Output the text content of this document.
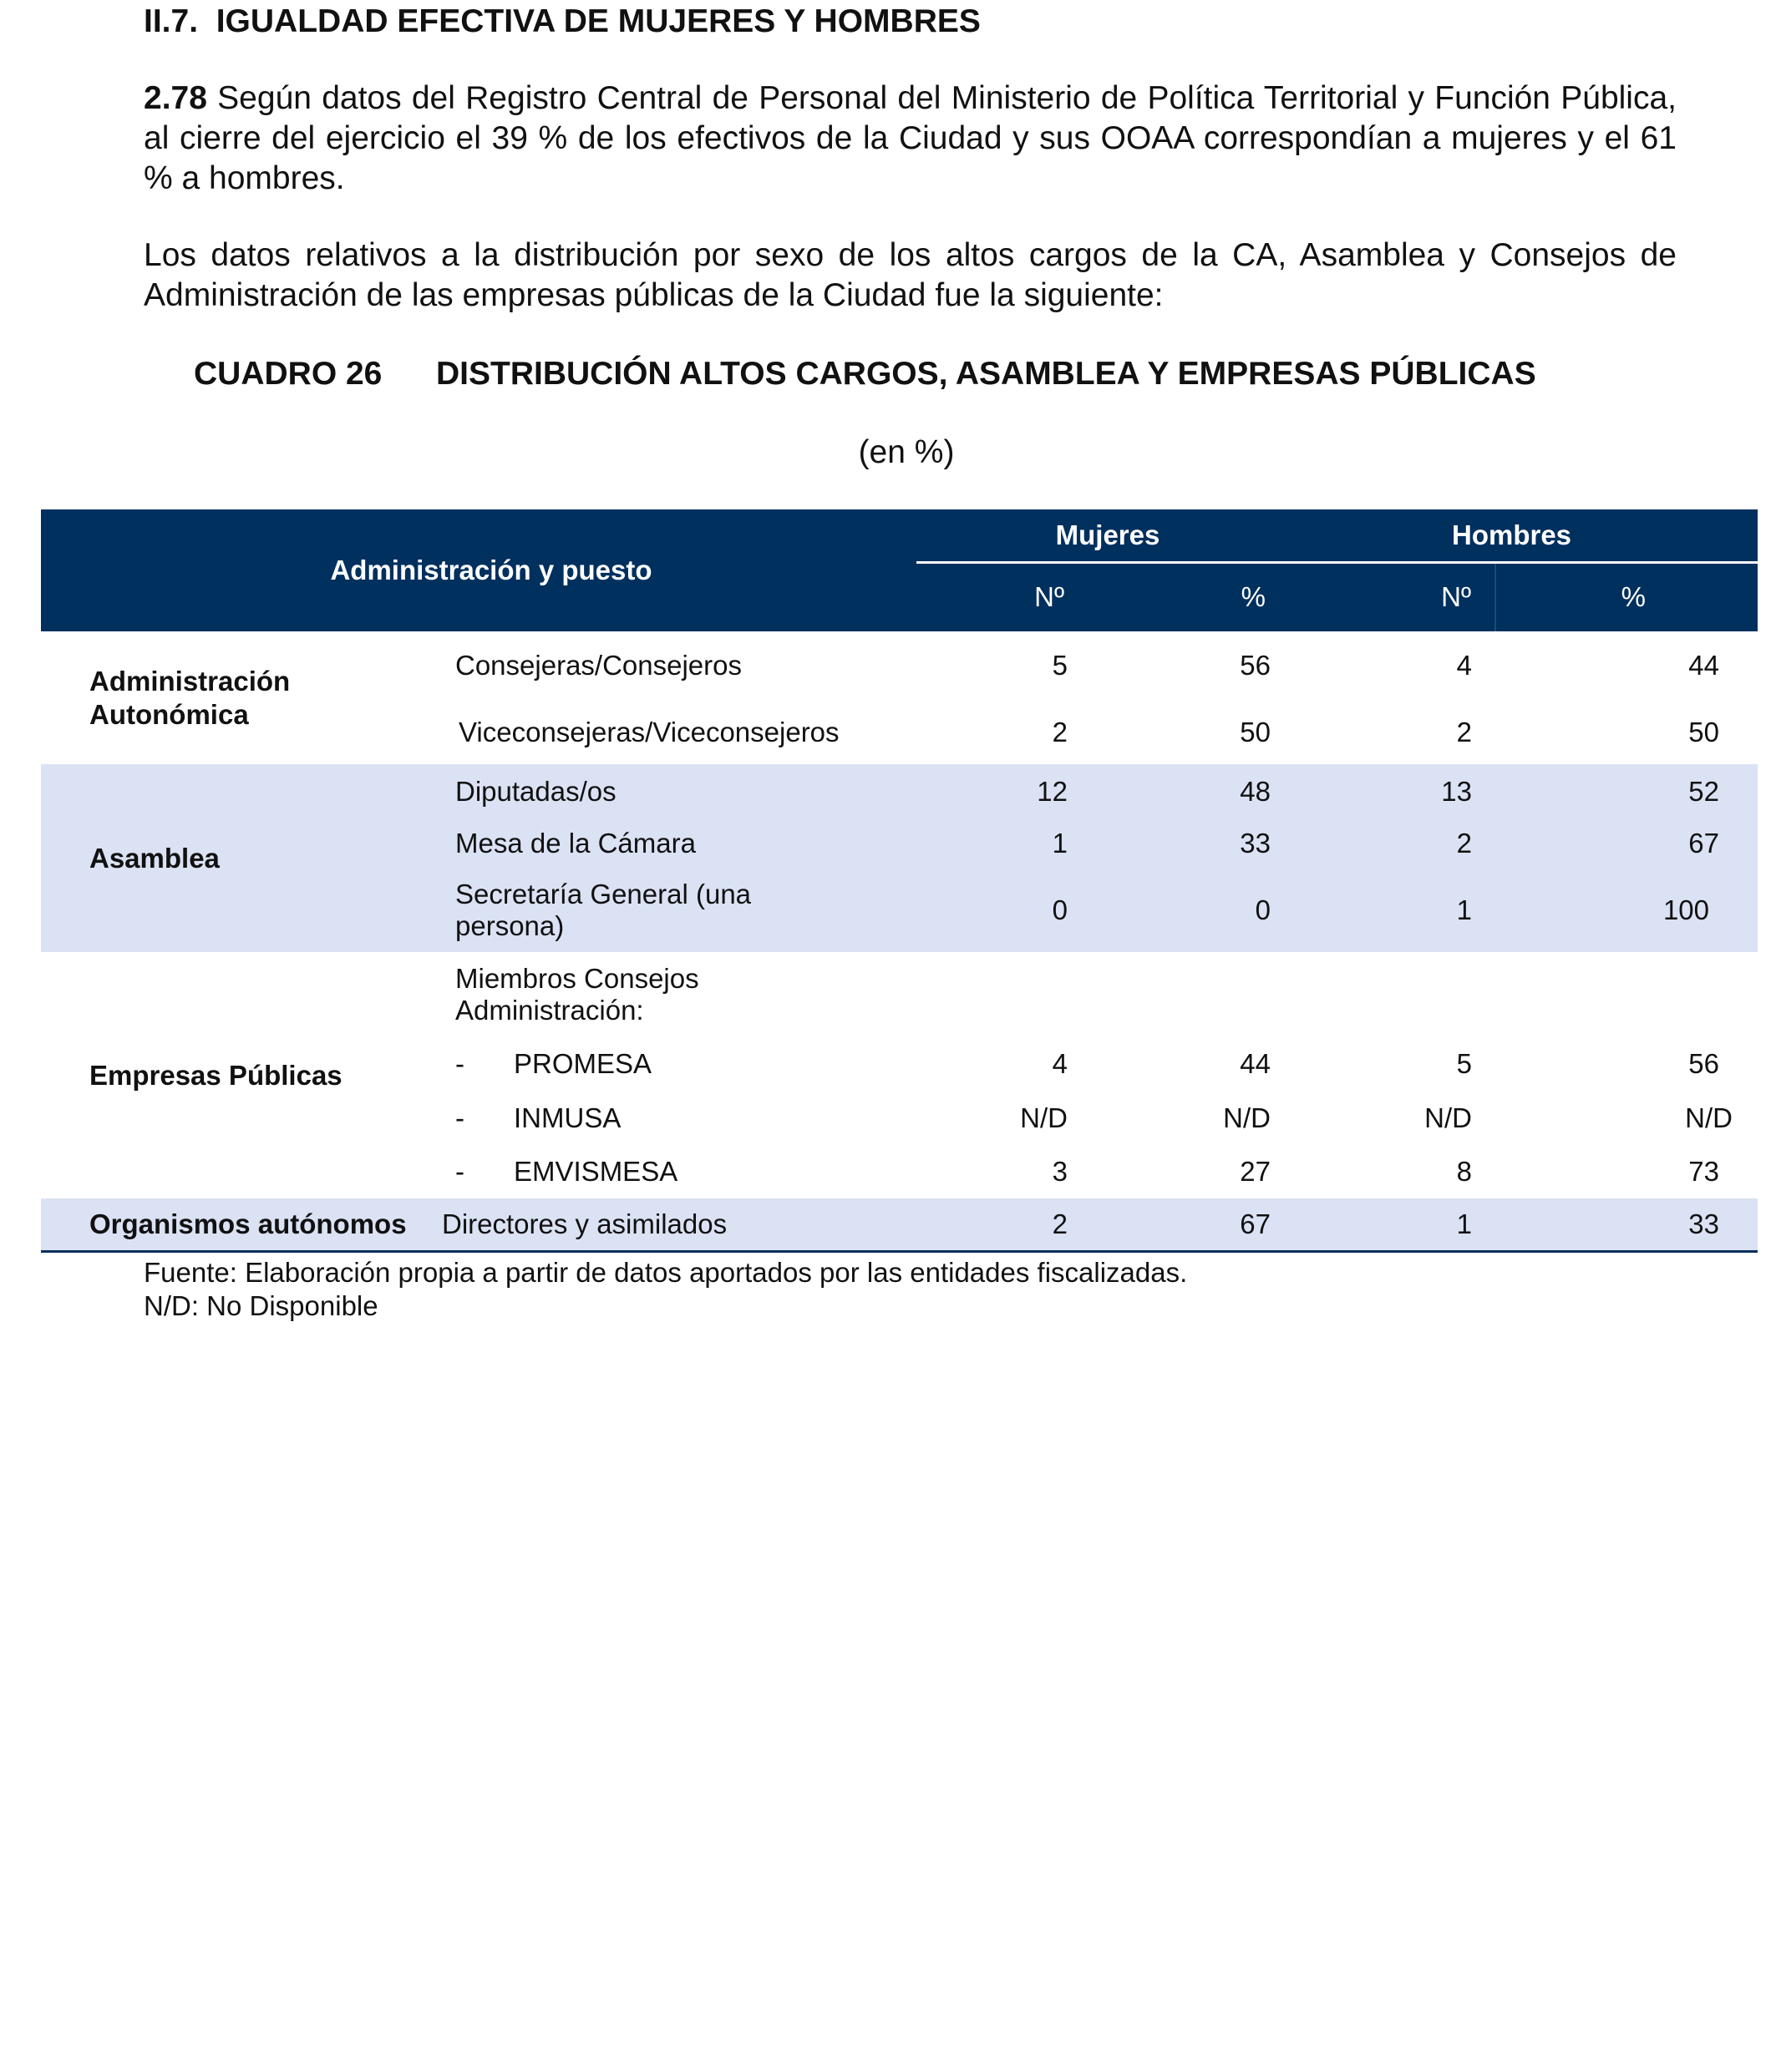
II.7. IGUALDAD EFECTIVA DE MUJERES Y HOMBRES

2.78 Según datos del Registro Central de Personal del Ministerio de Política Territorial y Función Pública, al cierre del ejercicio el 39 % de los efectivos de la Ciudad y sus OOAA correspondían a mujeres y el 61 % a hombres.

Los datos relativos a la distribución por sexo de los altos cargos de la CA, Asamblea y Consejos de Administración de las empresas públicas de la Ciudad fue la siguiente:

CUADRO 26 DISTRIBUCIÓN ALTOS CARGOS, ASAMBLEA Y EMPRESAS PÚBLICAS

(en %)

Administración y puesto		Mujeres		Hombres	
		Nº	%	Nº	%
Administración Autonómica	Consejeras/Consejeros	5	56	4	44
	Viceconsejeras/Viceconsejeros	2	50	2	50
Asamblea	Diputadas/os	12	48	13	52
	Mesa de la Cámara	1	33	2	67
	Secretaría General (una persona)	0	0	1	100
Empresas Públicas	Miembros Consejos Administración:				
	- PROMESA	4	44	5	56
	- INMUSA	N/D	N/D	N/D	N/D
	- EMVISMESA	3	27	8	73
Organismos autónomos	Directores y asimilados	2	67	1	33

Fuente: Elaboración propia a partir de datos aportados por las entidades fiscalizadas.

N/D: No Disponible
